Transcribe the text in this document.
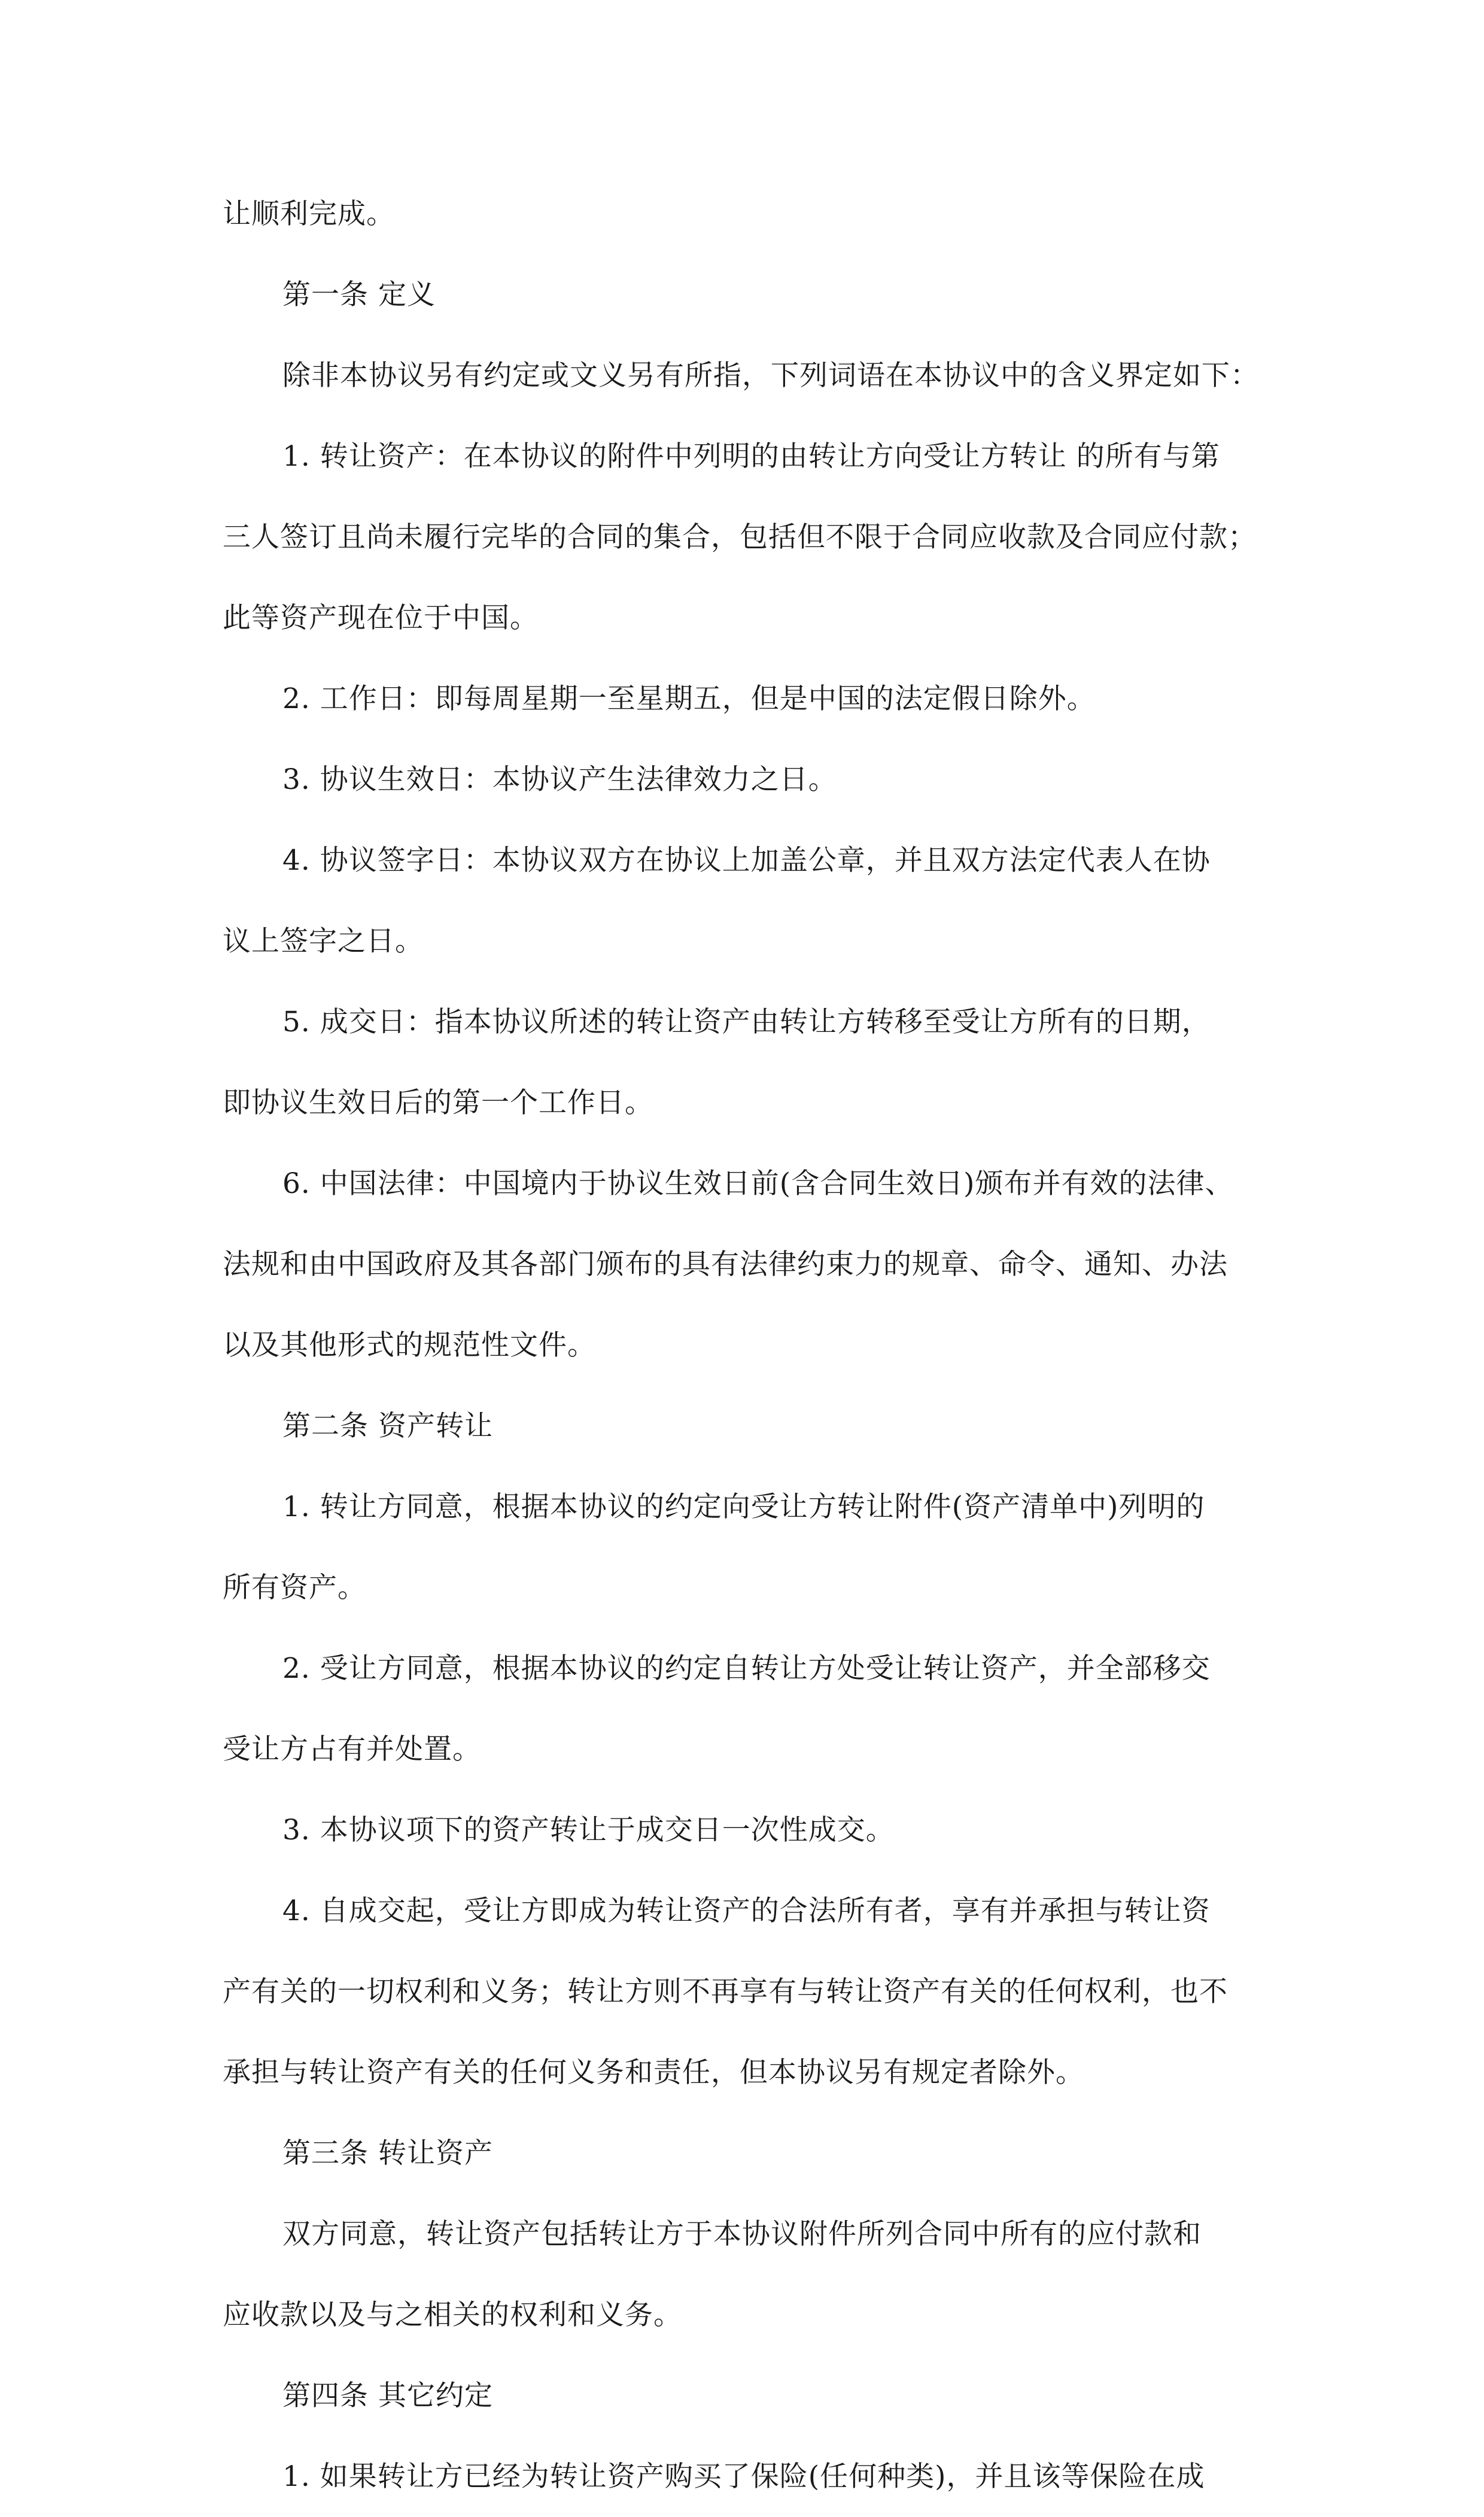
让顺利完成。
第一条 定义
除非本协议另有约定或文义另有所指，下列词语在本协议中的含义界定如下：
1. 转让资产：在本协议的附件中列明的由转让方向受让方转让 的所有与第
三人签订且尚未履行完毕的合同的集合，包括但不限于合同应收款及合同应付款；
此等资产现在位于中国。
2. 工作日：即每周星期一至星期五，但是中国的法定假日除外。
3. 协议生效日：本协议产生法律效力之日。
4. 协议签字日：本协议双方在协议上加盖公章，并且双方法定代表人在协
议上签字之日。
5. 成交日：指本协议所述的转让资产由转让方转移至受让方所有的日期，
即协议生效日后的第一个工作日。
6. 中国法律：中国境内于协议生效日前(含合同生效日)颁布并有效的法律、
法规和由中国政府及其各部门颁布的具有法律约束力的规章、命令、通知、办法
以及其他形式的规范性文件。
第二条 资产转让
1. 转让方同意，根据本协议的约定向受让方转让附件(资产清单中)列明的
所有资产。
2. 受让方同意，根据本协议的约定自转让方处受让转让资产，并全部移交
受让方占有并处置。
3. 本协议项下的资产转让于成交日一次性成交。
4. 自成交起，受让方即成为转让资产的合法所有者，享有并承担与转让资
产有关的一切权利和义务；转让方则不再享有与转让资产有关的任何权利，也不
承担与转让资产有关的任何义务和责任，但本协议另有规定者除外。
第三条 转让资产
双方同意，转让资产包括转让方于本协议附件所列合同中所有的应付款和
应收款以及与之相关的权利和义务。
第四条 其它约定
1. 如果转让方已经为转让资产购买了保险(任何种类)，并且该等保险在成
